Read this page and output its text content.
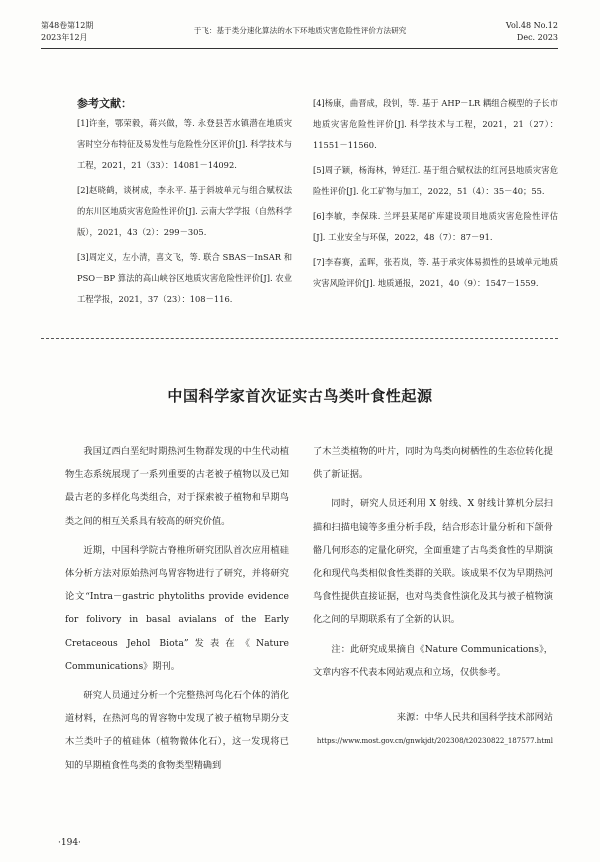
第48卷第12期
2023年12月
于飞：基于类分速化算法的水下环地质灾害危险性评价方法研究
Vol.48 No.12
Dec. 2023
参考文献：

[1]许奎，鄂荣毅，蒋兴做，等. 永登县苦水镇潜在地质灾害时空分布特征及易发性与危险性分区评价[J]. 科学技术与工程，2021，21（33）：14081－14092.

[2]赵晓鹤，谈树成，李永平. 基于斜坡单元与组合赋权法的东川区地质灾害危险性评价[J]. 云南大学学报（自然科学版），2021，43（2）：299－305.

[3]周定义，左小清，喜文飞，等. 联合 SBAS－InSAR 和 PSO－BP 算法的高山峡谷区地质灾害危险性评价[J]. 农业工程学报，2021，37（23）：108－116.

[4]杨康，曲晋成，段钊，等. 基于 AHP－LR 耦组合模型的子长市地质灾害危险性评价[J]. 科学技术与工程，2021，21（27）：11551－11560.

[5]周子颖，杨海林，钟廷江. 基于组合赋权法的红河县地质灾害危险性评价[J]. 化工矿物与加工，2022，51（4）：35－40；55.

[6]李敏，李保珠. 兰坪县某尾矿库建设项目地质灾害危险性评估[J]. 工业安全与环保，2022，48（7）：87－91.

[7]李春赛，孟晖，张若岚，等. 基于承灾体易损性的县域单元地质灾害风险评价[J]. 地质通报，2021，40（9）：1547－1559.

中国科学家首次证实古鸟类叶食性起源

我国辽西白垩纪时期热河生物群发现的中生代动植物生态系统展现了一系列重要的古老被子植物以及已知最古老的多样化鸟类组合，对于探索被子植物和早期鸟类之间的相互关系具有较高的研究价值。

近期，中国科学院古脊椎所研究团队首次应用植硅体分析方法对原始热河鸟胃容物进行了研究，并将研究论文“Intra－gastric phytoliths provide evidence for folivory in basal avialans of the Early Cretaceous Jehol Biota”发表在《Nature Communications》期刊。

研究人员通过分析一个完整热河鸟化石个体的消化道材料，在热河鸟的胃容物中发现了被子植物早期分支木兰类叶子的植硅体（植物微体化石），这一发现将已知的早期植食性鸟类的食物类型精确到

了木兰类植物的叶片，同时为鸟类向树栖性的生态位转化提供了新证据。

同时，研究人员还利用 X 射线、X 射线计算机分层扫描和扫描电镜等多重分析手段，结合形态计量分析和下颌骨骼几何形态的定量化研究，全面重建了古鸟类食性的早期演化和现代鸟类相似食性类群的关联。该成果不仅为早期热河鸟食性提供直接证据，也对鸟类食性演化及其与被子植物演化之间的早期联系有了全新的认识。

注：此研究成果摘自《Nature Communications》，文章内容不代表本网站观点和立场，仅供参考。

来源：中华人民共和国科学技术部网站

https://www.most.gov.cn/gnwkjdt/202308/t20230822_187577.html
·194·
